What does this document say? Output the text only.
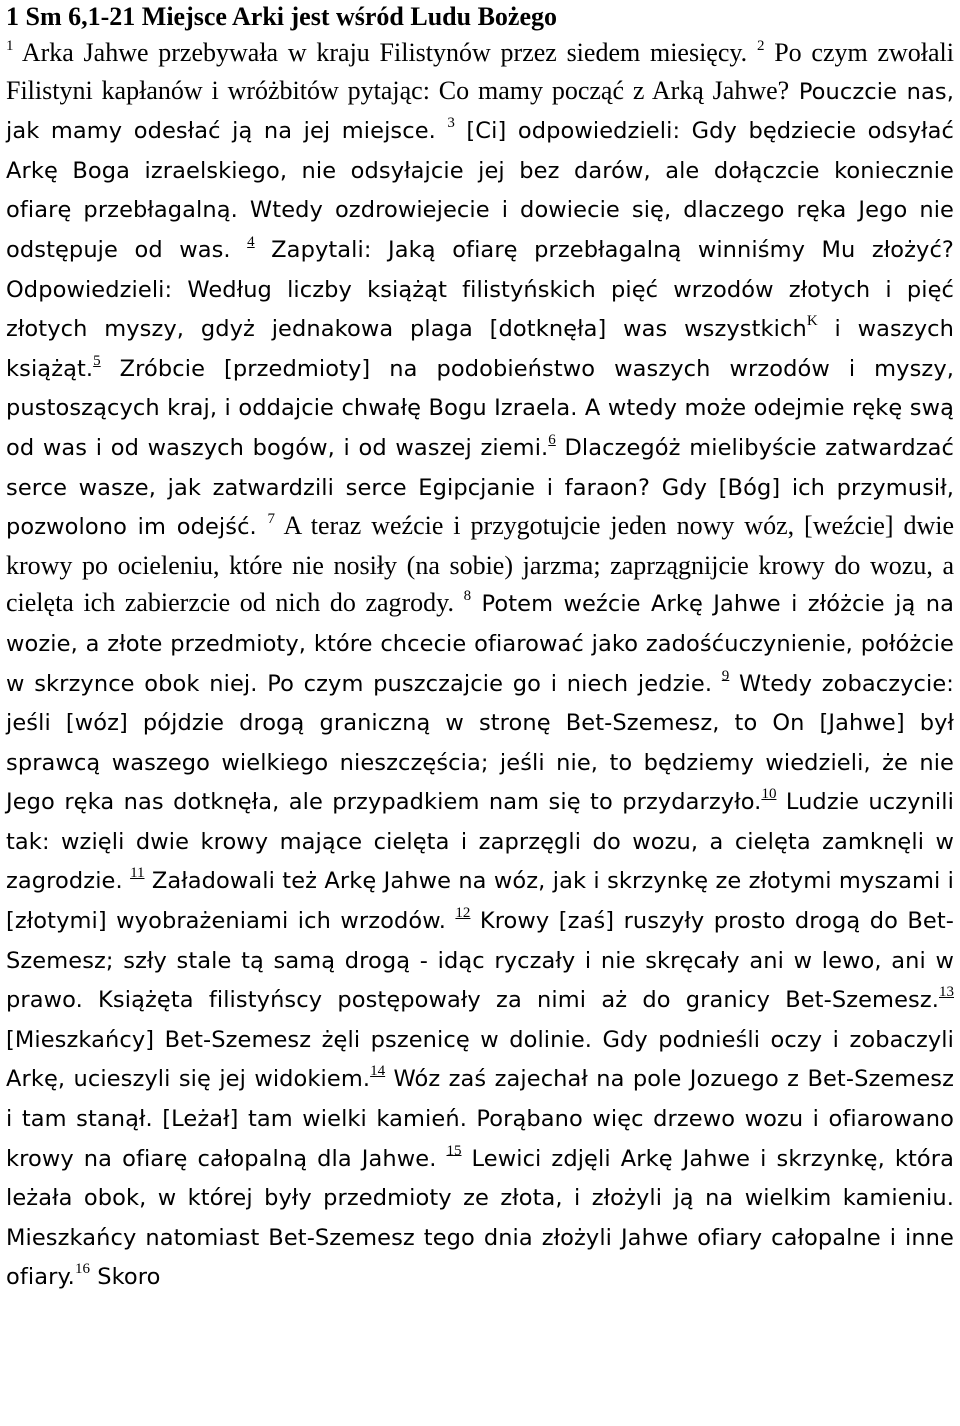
1 Sm 6,1-21 Miejsce Arki jest wśród Ludu Bożego

$^1$ Arka Jahwe przebywała w kraju Filistynów przez siedem miesięcy. $^2$ Po czym zwołali Filistyni kapłanów i wróżbitów pytając: Co mamy począć z Arką Jahwe? Pouczcie nas, jak mamy odesłać ją na jej miejsce. $^3$ [Ci] odpowiedzieli: Gdy będziecie odsyłać Arkę Boga izraelskiego, nie odsyłajcie jej bez darów, ale dołączcie koniecznie ofiarę przebłagalną. Wtedy ozdrowiejecie i dowiecie się, dlaczego ręka Jego nie odstępuje od was. $^4$ Zapytali: Jaką ofiarę przebłagalną winniśmy Mu złożyć? Odpowiedzieli: Według liczby książąt filistyńskich pięć wrzodów złotych i pięć złotych myszy, gdyż jednakowa plaga [dotknęła] was wszystkich$^K$ i waszych książąt.$^5$ Zróbcie [przedmioty] na podobieństwo waszych wrzodów i myszy, pustoszących kraj, i oddajcie chwałę Bogu Izraela. A wtedy może odejmie rękę swą od was i od waszych bogów, i od waszej ziemi.$^6$ Dlaczegóż mielibyście zatwardzać serce wasze, jak zatwardzili serce Egipcjanie i faraon? Gdy [Bóg] ich przymusił, pozwolono im odejść. $^7$ A teraz weźcie i przygotujcie jeden nowy wóz, [weźcie] dwie krowy po ocieleniu, które nie nosiły (na sobie) jarzma; zaprzągnijcie krowy do wozu, a cielęta ich zabierzcie od nich do zagrody. $^8$ Potem weźcie Arkę Jahwe i złóżcie ją na wozie, a złote przedmioty, które chcecie ofiarować jako zadośćuczynienie, połóżcie w skrzynce obok niej. Po czym puszczajcie go i niech jedzie. $^9$ Wtedy zobaczycie: jeśli [wóz] pójdzie drogą graniczną w stronę Bet-Szemesz, to On [Jahwe] był sprawcą waszego wielkiego nieszczęścia; jeśli nie, to będziemy wiedzieli, że nie Jego ręka nas dotknęła, ale przypadkiem nam się to przydarzyło.$^{10}$ Ludzie uczynili tak: wzięli dwie krowy mające cielęta i zaprzęgli do wozu, a cielęta zamknęli w zagrodzie. $^{11}$ Załadowali też Arkę Jahwe na wóz, jak i skrzynkę ze złotymi myszami i [złotymi] wyobrażeniami ich wrzodów. $^{12}$ Krowy [zaś] ruszyły prosto drogą do Bet-Szemesz; szły stale tą samą drogą - idąc ryczały i nie skręcały ani w lewo, ani w prawo. Książęta filistyńscy postępowały za nimi aż do granicy Bet-Szemesz.$^{13}$ [Mieszkańcy] Bet-Szemesz żęli pszenicę w dolinie. Gdy podnieśli oczy i zobaczyli Arkę, ucieszyli się jej widokiem.$^{14}$ Wóz zaś zajechał na pole Jozuego z Bet-Szemesz i tam stanął. [Leżał] tam wielki kamień. Porąbano więc drzewo wozu i ofiarowano krowy na ofiarę całopalną dla Jahwe. $^{15}$ Lewici zdjęli Arkę Jahwe i skrzynkę, która leżała obok, w której były przedmioty ze złota, i złożyli ją na wielkim kamieniu. Mieszkańcy natomiast Bet-Szemesz tego dnia złożyli Jahwe ofiary całopalne i inne ofiary.$^{16}$ Skoro
